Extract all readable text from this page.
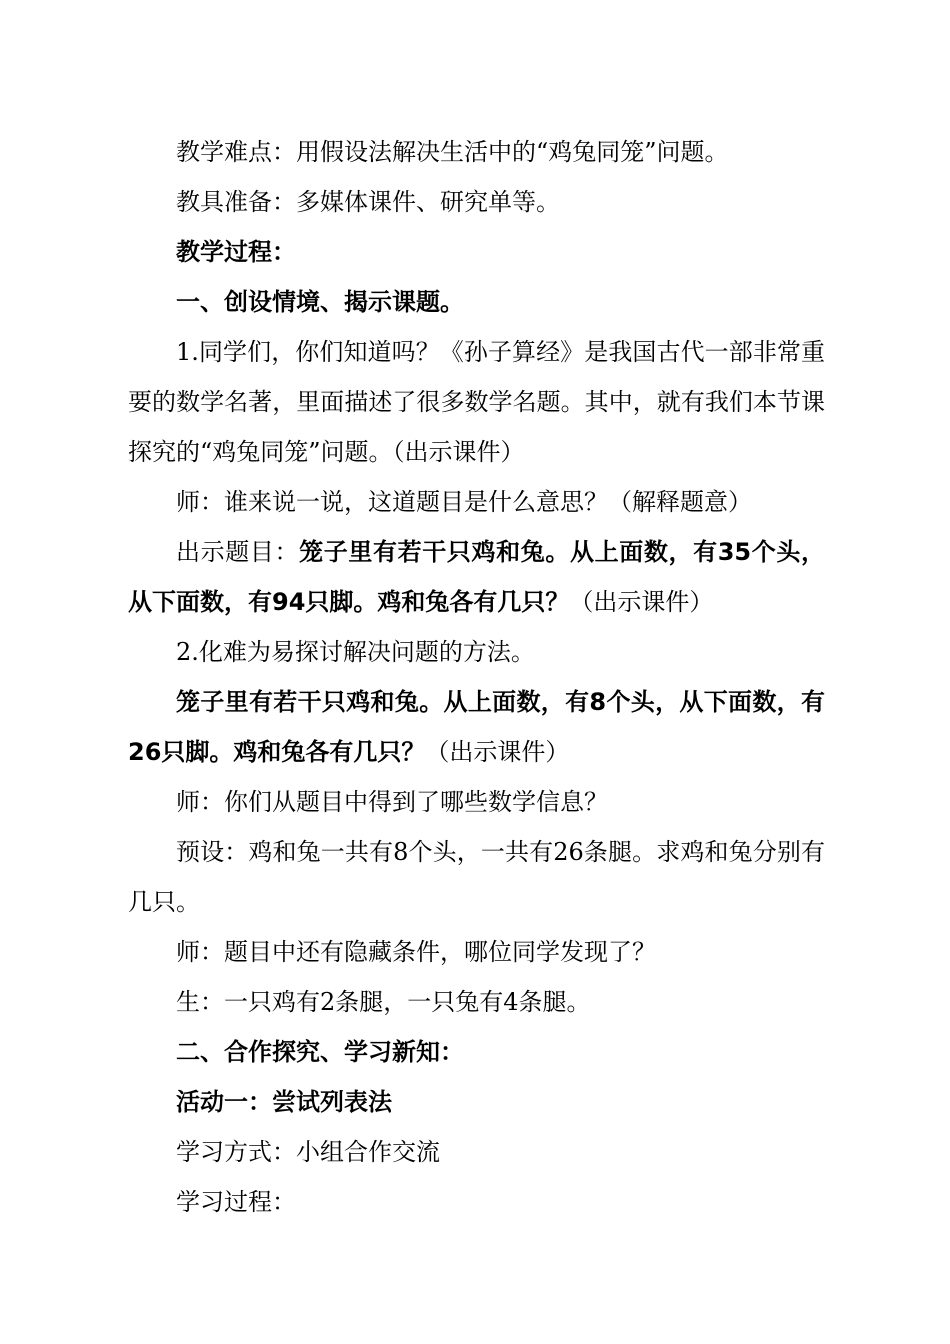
教学难点：用假设法解决生活中的“鸡兔同笼”问题。

教具准备：多媒体课件、研究单等。

教学过程：

一、创设情境、揭示课题。

1.同学们，你们知道吗？《孙子算经》是我国古代一部非常重要的数学名著，里面描述了很多数学名题。其中，就有我们本节课探究的“鸡兔同笼”问题。（出示课件）

师：谁来说一说，这道题目是什么意思？（解释题意）

出示题目：笼子里有若干只鸡和兔。从上面数，有35个头，从下面数，有94只脚。鸡和兔各有几只？（出示课件）

2.化难为易探讨解决问题的方法。

笼子里有若干只鸡和兔。从上面数，有8个头，从下面数，有26只脚。鸡和兔各有几只？（出示课件）

师：你们从题目中得到了哪些数学信息？

预设：鸡和兔一共有8个头，一共有26条腿。求鸡和兔分别有几只。

师：题目中还有隐藏条件，哪位同学发现了？

生：一只鸡有2条腿，一只兔有4条腿。

二、合作探究、学习新知：

活动一：尝试列表法

学习方式：小组合作交流

学习过程：
